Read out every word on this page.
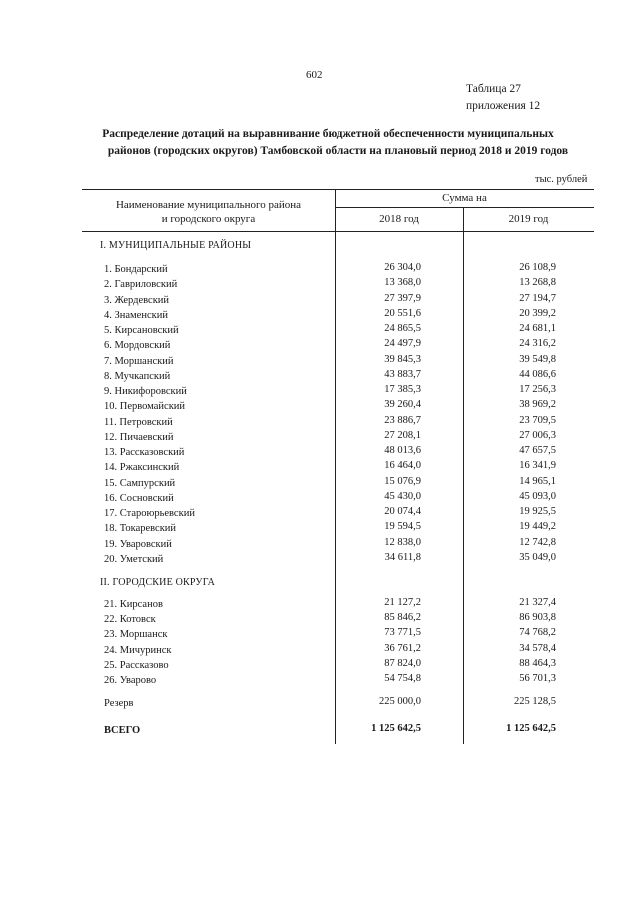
602
Таблица 27
приложения 12
Распределение дотаций на выравнивание бюджетной обеспеченности муниципальных
районов (городских округов) Тамбовской области на плановый период 2018 и 2019 годов
тыс. рублей
Наименование муниципального района
и городского округа
Сумма на
2018 год	2019 год
I. МУНИЦИПАЛЬНЫЕ РАЙОНЫ
1. Бондарский	26 304,0	26 108,9
2. Гавриловский	13 368,0	13 268,8
3. Жердевский	27 397,9	27 194,7
4. Знаменский	20 551,6	20 399,2
5. Кирсановский	24 865,5	24 681,1
6. Мордовский	24 497,9	24 316,2
7. Моршанский	39 845,3	39 549,8
8. Мучкапский	43 883,7	44 086,6
9. Никифоровский	17 385,3	17 256,3
10. Первомайский	39 260,4	38 969,2
11. Петровский	23 886,7	23 709,5
12. Пичаевский	27 208,1	27 006,3
13. Рассказовский	48 013,6	47 657,5
14. Ржаксинский	16 464,0	16 341,9
15. Сампурский	15 076,9	14 965,1
16. Сосновский	45 430,0	45 093,0
17. Староюрьевский	20 074,4	19 925,5
18. Токаревский	19 594,5	19 449,2
19. Уваровский	12 838,0	12 742,8
20. Уметский	34 611,8	35 049,0
II. ГОРОДСКИЕ ОКРУГА
21. Кирсанов	21 127,2	21 327,4
22. Котовск	85 846,2	86 903,8
23. Моршанск	73 771,5	74 768,2
24. Мичуринск	36 761,2	34 578,4
25. Рассказово	87 824,0	88 464,3
26. Уварово	54 754,8	56 701,3
Резерв	225 000,0	225 128,5
ВСЕГО	1 125 642,5	1 125 642,5
